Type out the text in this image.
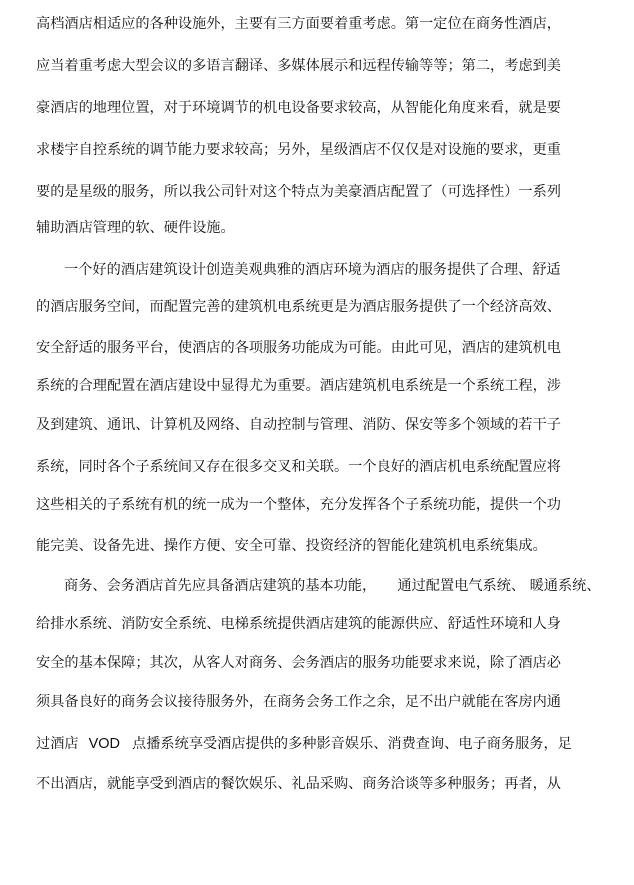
高档酒店相适应的各种设施外，主要有三方面要着重考虑。第一定位在商务性酒店，
应当着重考虑大型会议的多语言翻译、多媒体展示和远程传输等等；第二，考虑到美
豪酒店的地理位置，对于环境调节的机电设备要求较高，从智能化角度来看，就是要
求楼宇自控系统的调节能力要求较高；另外，星级酒店不仅仅是对设施的要求，更重
要的是星级的服务，所以我公司针对这个特点为美豪酒店配置了（可选择性）一系列
辅助酒店管理的软、硬件设施。
一个好的酒店建筑设计创造美观典雅的酒店环境为酒店的服务提供了合理、舒适
的酒店服务空间，而配置完善的建筑机电系统更是为酒店服务提供了一个经济高效、
安全舒适的服务平台，使酒店的各项服务功能成为可能。由此可见，酒店的建筑机电
系统的合理配置在酒店建设中显得尤为重要。酒店建筑机电系统是一个系统工程，涉
及到建筑、通讯、计算机及网络、自动控制与管理、消防、保安等多个领域的若干子
系统，同时各个子系统间又存在很多交叉和关联。一个良好的酒店机电系统配置应将
这些相关的子系统有机的统一成为一个整体，充分发挥各个子系统功能，提供一个功
能完美、设备先进、操作方便、安全可靠、投资经济的智能化建筑机电系统集成。
商务、会务酒店首先应具备酒店建筑的基本功能，　　通过配置电气系统、 暖通系统、
给排水系统、消防安全系统、电梯系统提供酒店建筑的能源供应、舒适性环境和人身
安全的基本保障；其次，从客人对商务、会务酒店的服务功能要求来说，除了酒店必
须具备良好的商务会议接待服务外，在商务会务工作之余，足不出户就能在客房内通
过酒店 VOD 点播系统享受酒店提供的多种影音娱乐、消费查询、电子商务服务，足
不出酒店，就能享受到酒店的餐饮娱乐、礼品采购、商务洽谈等多种服务；再者，从
